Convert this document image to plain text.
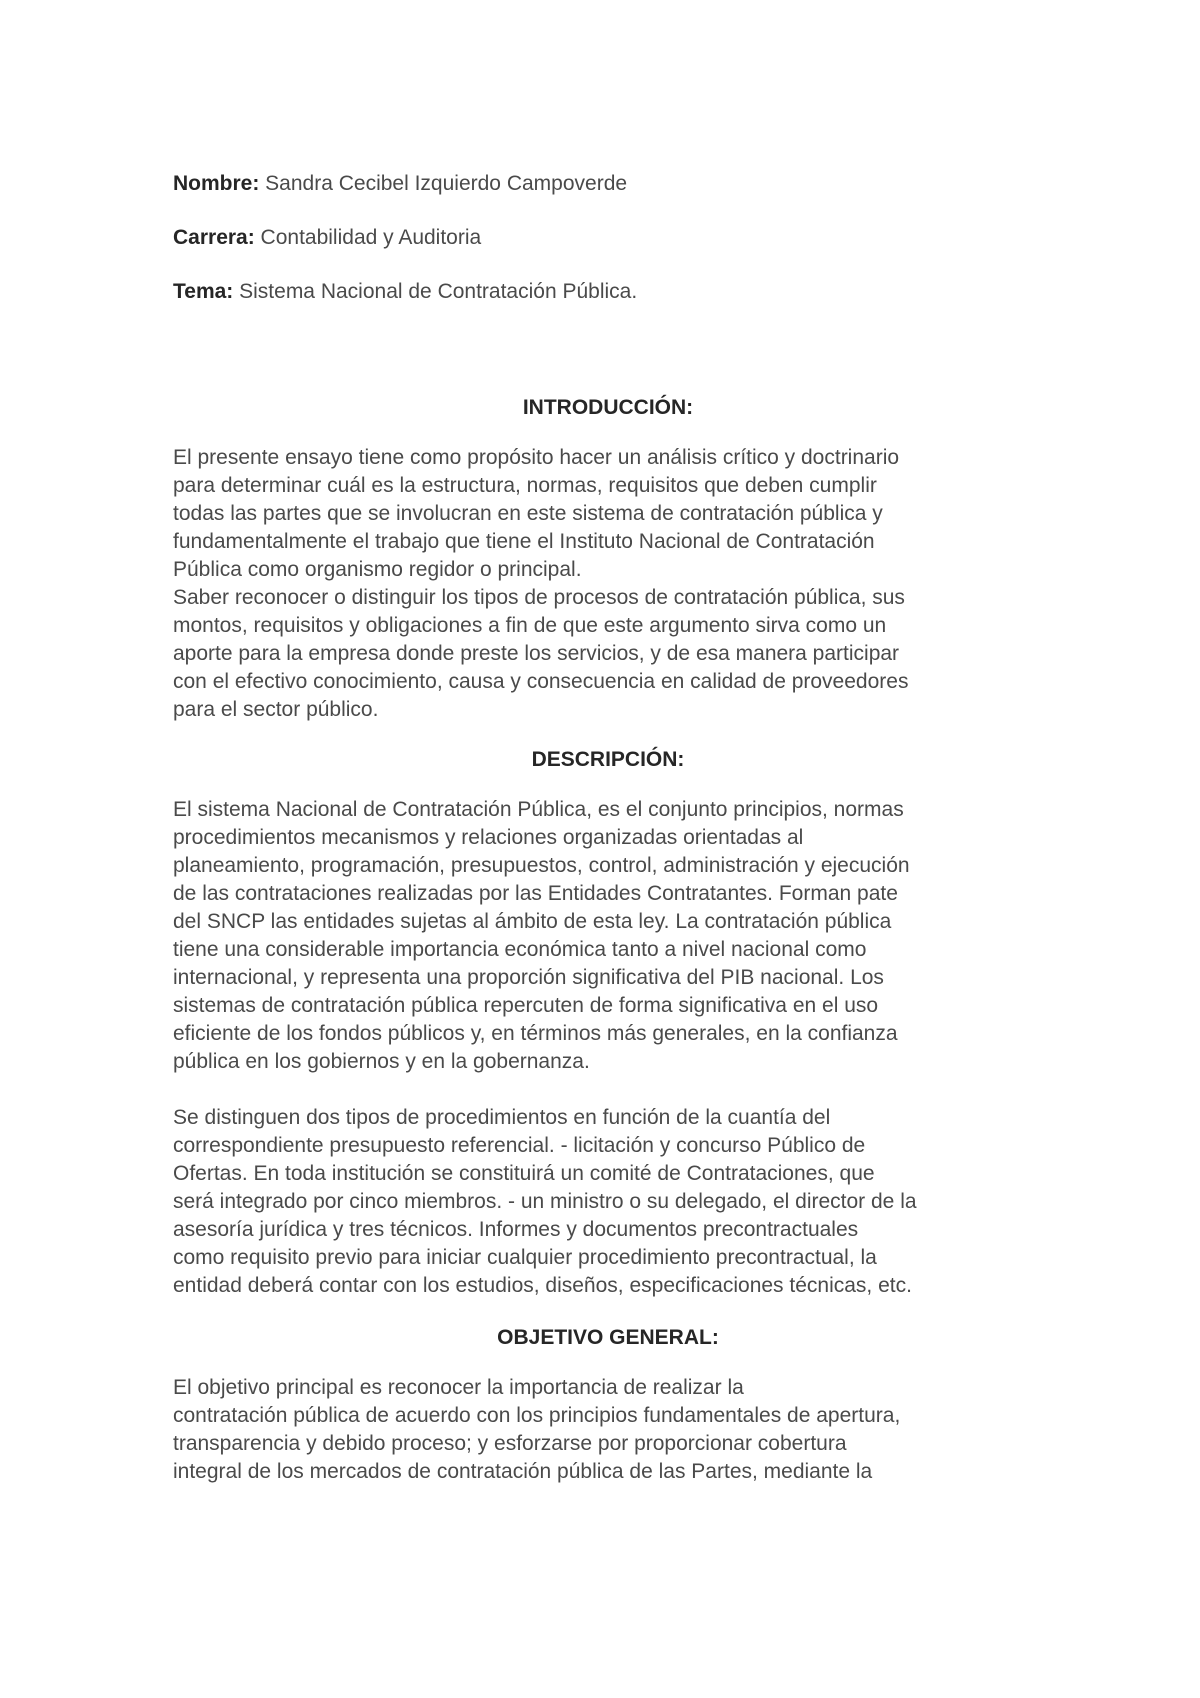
Nombre: Sandra Cecibel Izquierdo Campoverde

Carrera: Contabilidad y Auditoria

Tema: Sistema Nacional de Contratación Pública.

INTRODUCCIÓN:

El presente ensayo tiene como propósito hacer un análisis crítico y doctrinario
para determinar cuál es la estructura, normas, requisitos que deben cumplir
todas las partes que se involucran en este sistema de contratación pública y
fundamentalmente el trabajo que tiene el Instituto Nacional de Contratación
Pública como organismo regidor o principal.
Saber reconocer o distinguir los tipos de procesos de contratación pública, sus
montos, requisitos y obligaciones a fin de que este argumento sirva como un
aporte para la empresa donde preste los servicios, y de esa manera participar
con el efectivo conocimiento, causa y consecuencia en calidad de proveedores
para el sector público.

DESCRIPCIÓN:

El sistema Nacional de Contratación Pública, es el conjunto principios, normas
procedimientos mecanismos y relaciones organizadas orientadas al
planeamiento, programación, presupuestos, control, administración y ejecución
de las contrataciones realizadas por las Entidades Contratantes. Forman pate
del SNCP las entidades sujetas al ámbito de esta ley. La contratación pública
tiene una considerable importancia económica tanto a nivel nacional como
internacional, y representa una proporción significativa del PIB nacional. Los
sistemas de contratación pública repercuten de forma significativa en el uso
eficiente de los fondos públicos y, en términos más generales, en la confianza
pública en los gobiernos y en la gobernanza.

Se distinguen dos tipos de procedimientos en función de la cuantía del
correspondiente presupuesto referencial. - licitación y concurso Público de
Ofertas. En toda institución se constituirá un comité de Contrataciones, que
será integrado por cinco miembros. - un ministro o su delegado, el director de la
asesoría jurídica y tres técnicos. Informes y documentos precontractuales
como requisito previo para iniciar cualquier procedimiento precontractual, la
entidad deberá contar con los estudios, diseños, especificaciones técnicas, etc.

OBJETIVO GENERAL:

El objetivo principal es reconocer la importancia de realizar la
contratación pública de acuerdo con los principios fundamentales de apertura,
transparencia y debido proceso; y esforzarse por proporcionar cobertura
integral de los mercados de contratación pública de las Partes, mediante la
